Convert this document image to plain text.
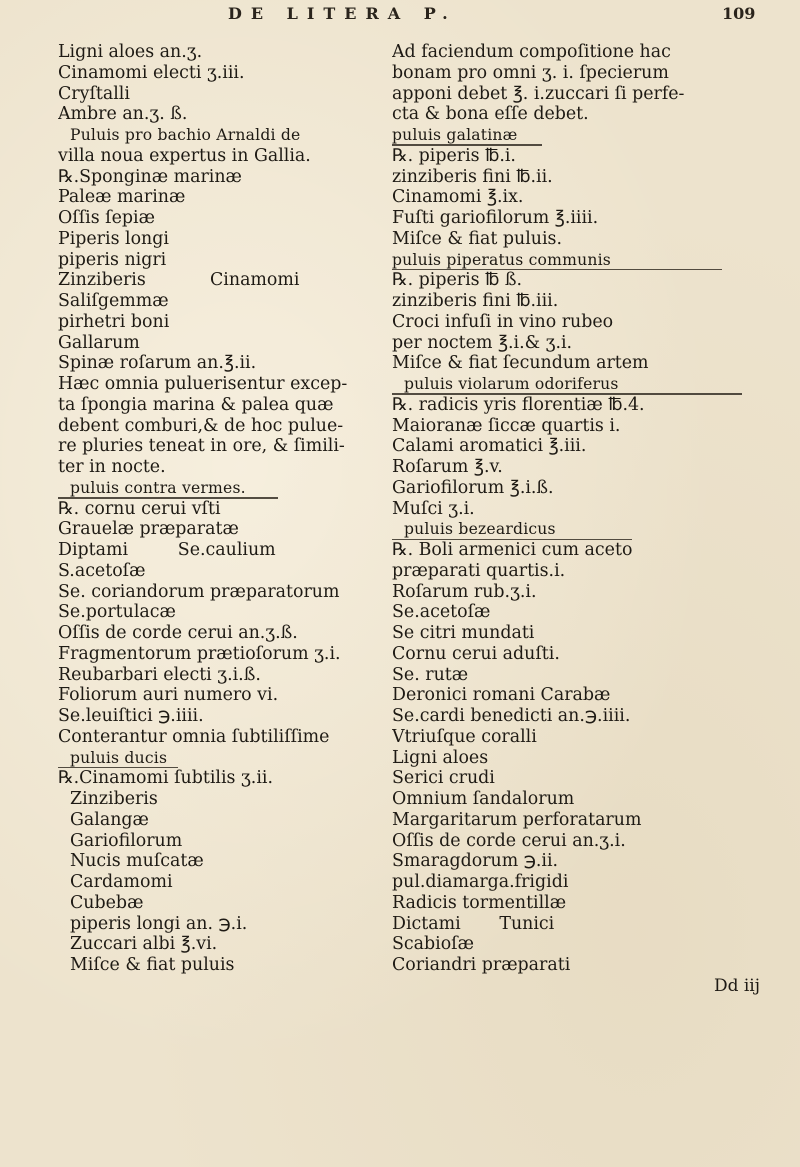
DE LITERA P.	109
Ligni aloes an.ʒ.
Cinamomi electi ʒ.iii.
Cryſtalli
Ambre an.ʒ. ß.
Puluis pro bachio Arnaldi de
villa noua expertus in Gallia.
℞.Sponginæ marinæ
Paleæ marinæ
Oſſis ſepiæ
Piperis longi
piperis nigri
Zinziberis	Cinamomi
Saliſgemmæ
pirhetri boni
Gallarum
Spinæ roſarum an.℥.ii.
Hæc omnia puluerisentur excep-
ta ſpongia marina & palea quæ
debent comburi,& de hoc pulue-
re pluries teneat in ore, & ſimili-
ter in nocte.
puluis contra vermes.
℞. cornu cerui vſti
Grauelæ præparatæ
Diptami         Se.caulium
S.acetoſæ
Se. coriandorum præparatorum
Se.portulacæ
Oſſis de corde cerui an.ʒ.ß.
Fragmentorum prætioſorum ʒ.i.
Reubarbari electi ʒ.i.ß.
Foliorum auri numero vi.
Se.leuiſtici ℈.iiii.
Conterantur omnia ſubtiliſſime
puluis ducis
℞.Cinamomi ſubtilis ʒ.ii.
Zinziberis
Galangæ
Gariofilorum
Nucis muſcatæ
Cardamomi
Cubebæ
piperis longi an. ℈.i.
Zuccari albi ℥.vi.
Miſce & fiat puluis
Ad faciendum compoſitione hac
bonam pro omni ʒ. i. ſpecierum
apponi debet ℥. i.zuccari ſi perfe-
cta & bona eſſe debet.
puluis galatinæ
℞. piperis ℔.i.
zinziberis fini ℔.ii.
Cinamomi ℥.ix.
Fuſti gariofilorum ℥.iiii.
Miſce & fiat puluis.
puluis piperatus communis
℞. piperis ℔ ß.
zinziberis fini ℔.iii.
Croci infuſi in vino rubeo
per noctem ℥.i.& ʒ.i.
Miſce & fiat ſecundum artem
puluis violarum odoriferus
℞. radicis yris florentiæ ℔.4.
Maioranæ ſiccæ quartis i.
Calami aromatici ℥.iii.
Roſarum ℥.v.
Gariofilorum ℥.i.ß.
Muſci ʒ.i.
puluis bezeardicus
℞. Boli armenici cum aceto
præparati quartis.i.
Roſarum rub.ʒ.i.
Se.acetoſæ
Se citri mundati
Cornu cerui aduſti.
Se. rutæ
Deronici romani Carabæ
Se.cardi benedicti an.℈.iiii.
Vtriuſque coralli
Ligni aloes
Serici crudi
Omnium ſandalorum
Margaritarum perforatarum
Oſſis de corde cerui an.ʒ.i.
Smaragdorum ℈.ii.
pul.diamarga.frigidi
Radicis tormentillæ
Dictami       Tunici
Scabioſæ
Coriandri præparati
Dd iij
